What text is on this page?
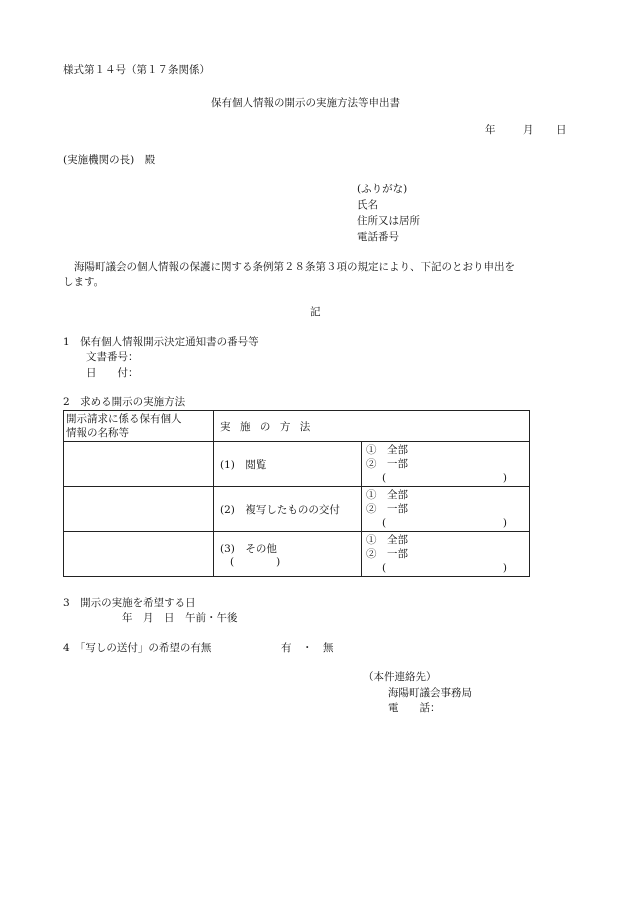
様式第１４号（第１７条関係）
保有個人情報の開示の実施方法等申出書
年	月 日
(実施機関の長)　殿
(ふりがな)
氏名
住所又は居所
電話番号
海陽町議会の個人情報の保護に関する条例第２８条第３項の規定により、下記のとおり申出を
します。
記
1　保有個人情報開示決定通知書の番号等
文書番号：
日　　付：
2　求める開示の実施方法
開示請求に係る保有個人
情報の名称等	実施の方法	
	(1)　閲覧	①　全部
②　一部
( )

	(2)　複写したものの交付	①　全部
②　一部
( )

	(3)　その他
( )	①　全部
②　一部
( )
3　開示の実施を希望する日
年　月　日　午前・午後
4　「写しの送付」の希望の有無	有　・　無
（本件連絡先）
海陽町議会事務局
電　　話：
